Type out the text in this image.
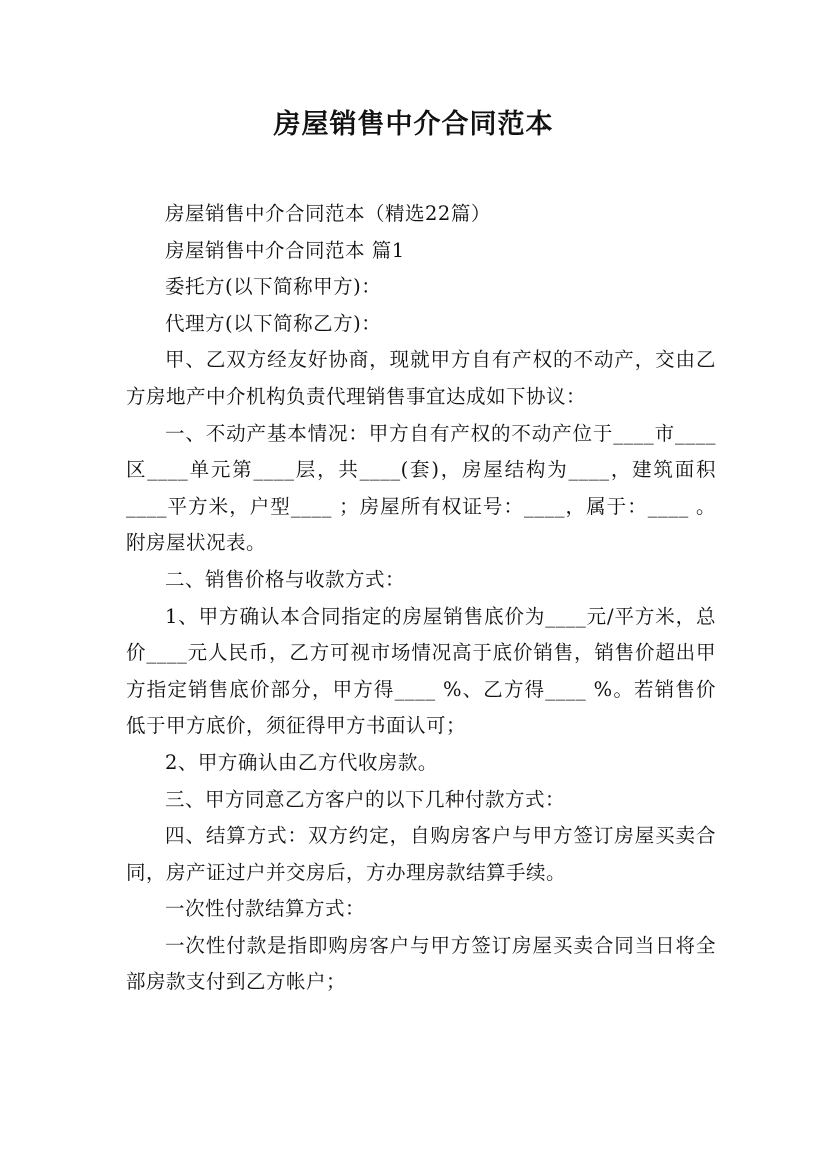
房屋销售中介合同范本

房屋销售中介合同范本（精选22篇）

房屋销售中介合同范本 篇1

委托方(以下简称甲方)：

代理方(以下简称乙方)：

甲、乙双方经友好协商，现就甲方自有产权的不动产，交由乙方房地产中介机构负责代理销售事宜达成如下协议：

一、不动产基本情况：甲方自有产权的不动产位于____市____区____单元第____层，共____(套)，房屋结构为____，建筑面积____平方米，户型____ ；房屋所有权证号：____，属于：____ 。附房屋状况表。

二、销售价格与收款方式：

1、甲方确认本合同指定的房屋销售底价为____元/平方米，总价____元人民币，乙方可视市场情况高于底价销售，销售价超出甲方指定销售底价部分，甲方得____ %、乙方得____ %。若销售价低于甲方底价，须征得甲方书面认可；

2、甲方确认由乙方代收房款。

三、甲方同意乙方客户的以下几种付款方式：

四、结算方式：双方约定，自购房客户与甲方签订房屋买卖合同，房产证过户并交房后，方办理房款结算手续。

一次性付款结算方式：

一次性付款是指即购房客户与甲方签订房屋买卖合同当日将全部房款支付到乙方帐户；
